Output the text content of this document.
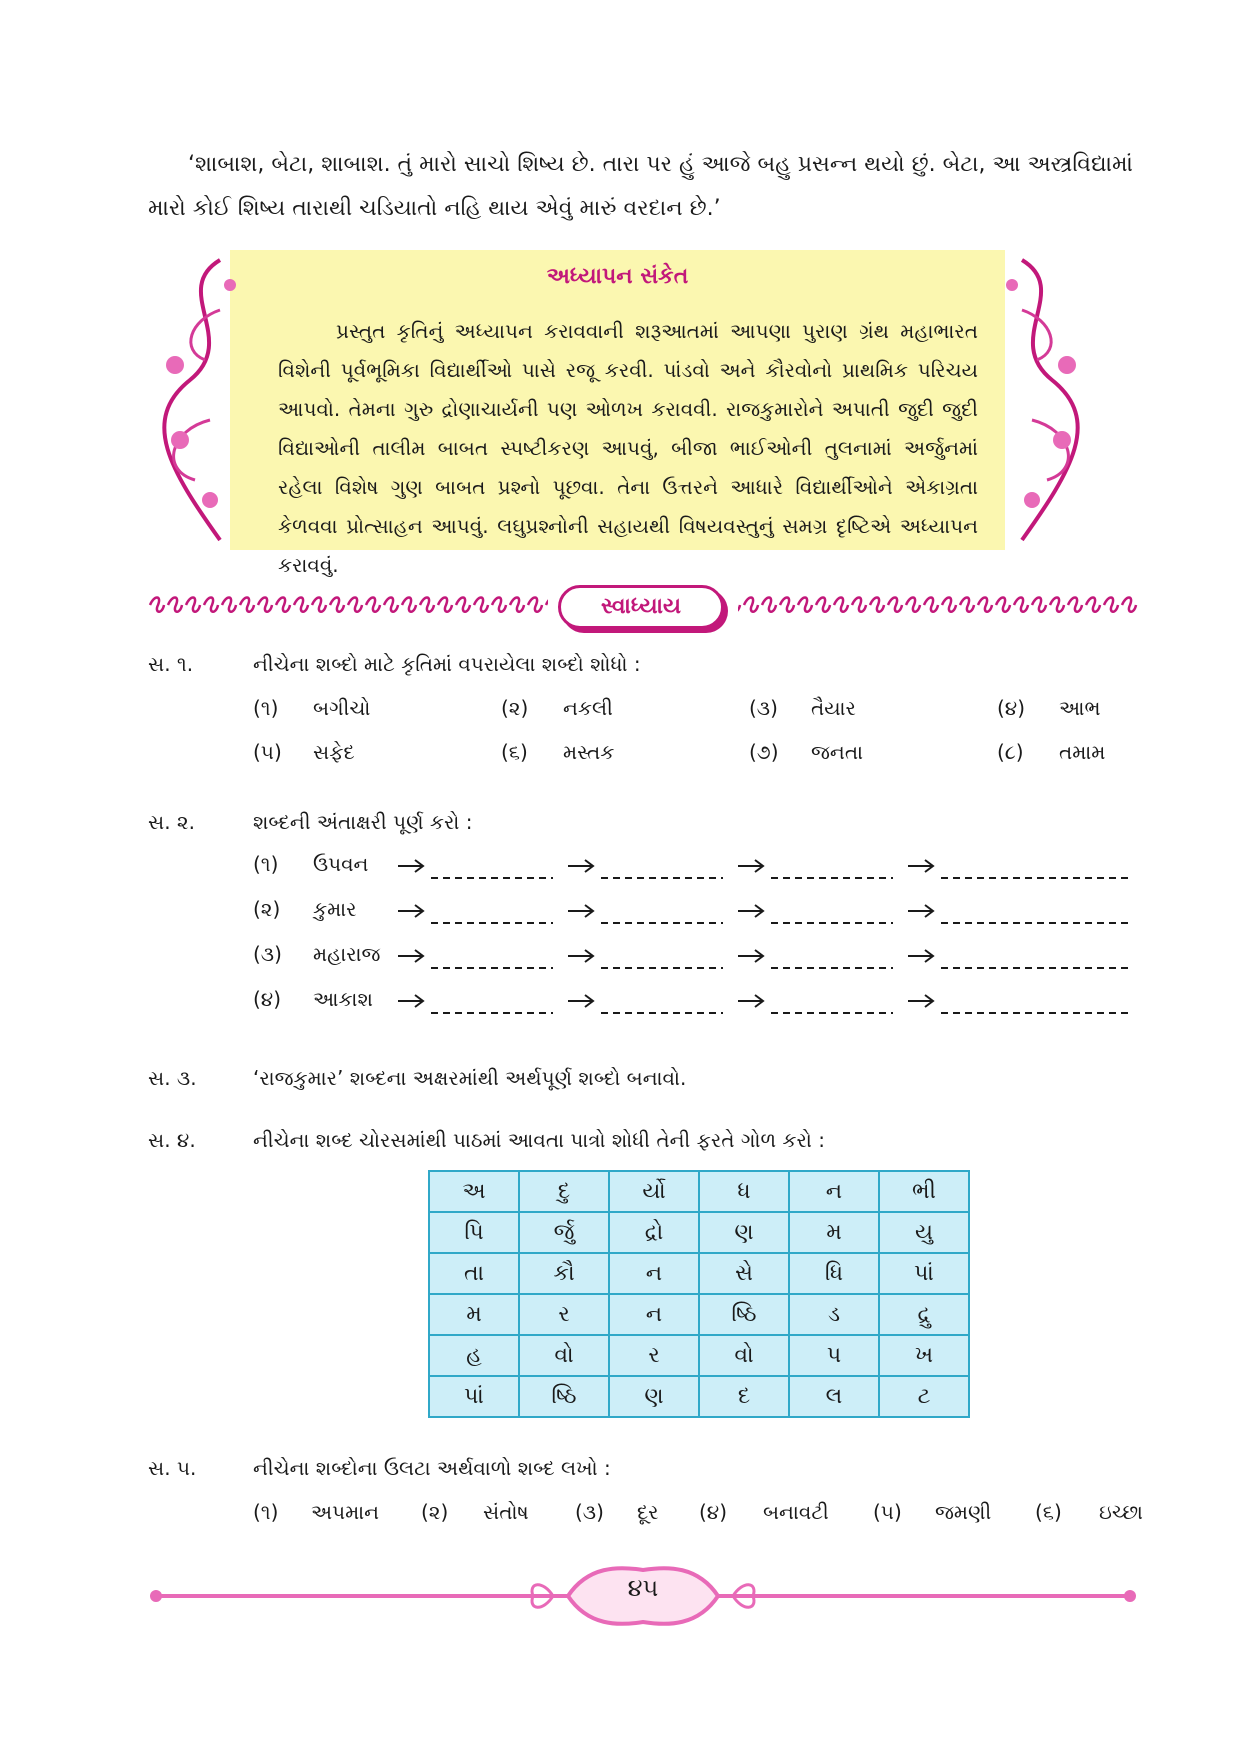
‘શાબાશ, બેટા, શાબાશ. તું મારો સાચો શિષ્ય છે. તારા પર હું આજે બહુ પ્રસન્ન થયો છું. બેટા, આ અસ્ત્રવિદ્યામાં મારો કોઈ શિષ્ય તારાથી ચડિયાતો નહિ થાય એવું મારું વરદાન છે.’
અધ્યાપન સંકેત
પ્રસ્તુત કૃતિનું અધ્યાપન કરાવવાની શરૂઆતમાં આપણા પુરાણ ગ્રંથ મહાભારત વિશેની પૂર્વભૂમિકા વિદ્યાર્થીઓ પાસે રજૂ કરવી. પાંડવો અને કૌરવોનો પ્રાથમિક પરિચય આપવો. તેમના ગુરુ દ્રોણાચાર્યની પણ ઓળખ કરાવવી. રાજકુમારોને અપાતી જુદી જુદી વિદ્યાઓની તાલીમ બાબત સ્પષ્ટીકરણ આપવું, બીજા ભાઈઓની તુલનામાં અર્જુનમાં રહેલા વિશેષ ગુણ બાબત પ્રશ્નો પૂછવા. તેના ઉત્તરને આધારે વિદ્યાર્થીઓને એકાગ્રતા કેળવવા પ્રોત્સાહન આપવું. લઘુપ્રશ્નોની સહાયથી વિષયવસ્તુનું સમગ્ર દૃષ્ટિએ અધ્યાપન કરાવવું.
સ્વાધ્યાય
સ. ૧.	નીચેના શબ્દો માટે કૃતિમાં વપરાયેલા શબ્દો શોધો :
(૧)	બગીચો	(૨)	નકલી	(૩)	તૈયાર	(૪)	આભ
(૫)	સફેદ	(૬)	મસ્તક	(૭)	જનતા	(૮)	તમામ
સ. ૨.	શબ્દની અંતાક્ષરી પૂર્ણ કરો :
(૧)	ઉપવન
(૨)	કુમાર
(૩)	મહારાજ
(૪)	આકાશ
સ. ૩.	‘રાજકુમાર’ શબ્દના અક્ષરમાંથી અર્થપૂર્ણ શબ્દો બનાવો.
સ. ૪.	નીચેના શબ્દ ચોરસમાંથી પાઠમાં આવતા પાત્રો શોધી તેની ફરતે ગોળ કરો :
અ	દુ	ર્યો	ધ	ન	ભી
પિ	ર્જુ	દ્રો	ણ	મ	યુ
તા	કૌ	ન	સે	ધિ	પાં
મ	ર	ન	ષ્ઠિ	ડ	દ્રુ
હ	વો	ર	વો	પ	ખ
પાં	ષ્ઠિ	ણ	દ	લ	ટ
સ. ૫.	નીચેના શબ્દોના ઉલટા અર્થવાળો શબ્દ લખો :
(૧) અપમાન (૨) સંતોષ (૩) દૂર (૪) બનાવટી (૫) જમણી (૬) ઇચ્છા
૪૫
